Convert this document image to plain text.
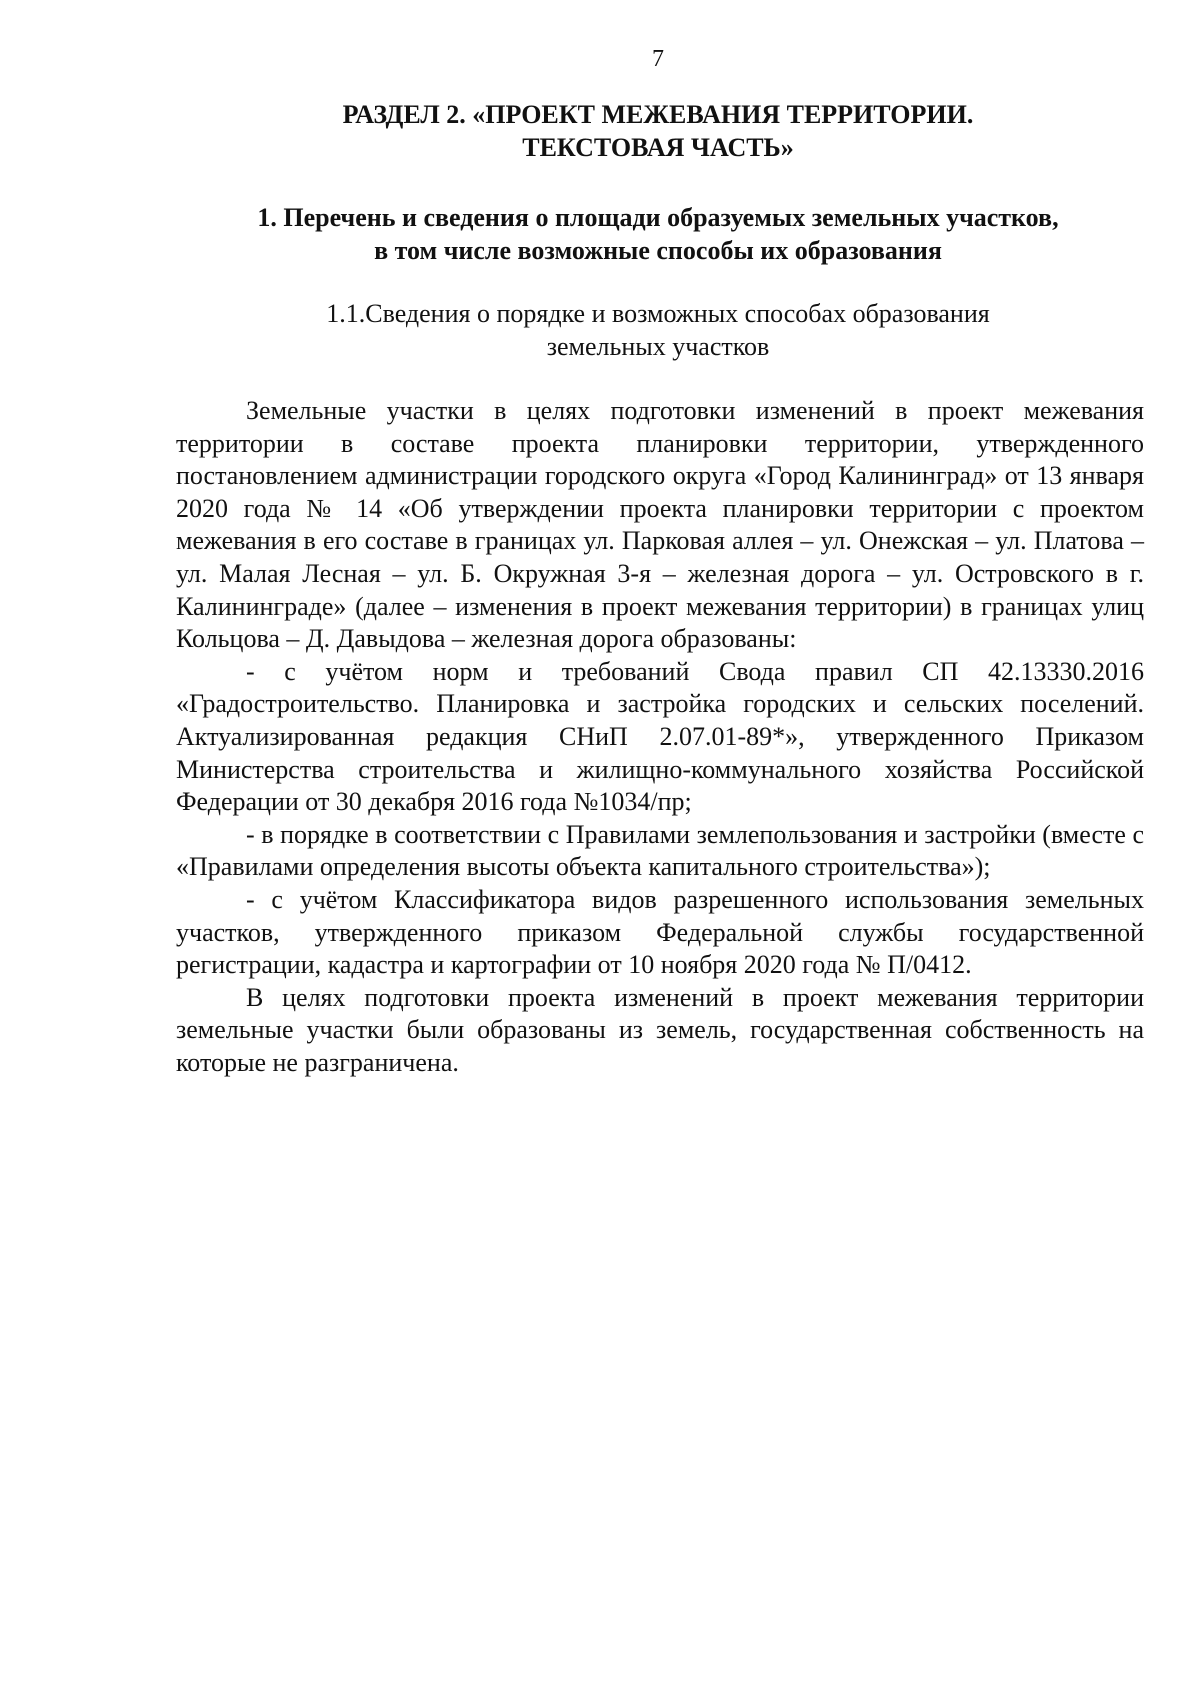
7
РАЗДЕЛ 2. «ПРОЕКТ МЕЖЕВАНИЯ ТЕРРИТОРИИ.
ТЕКСТОВАЯ ЧАСТЬ»
1. Перечень и сведения о площади образуемых земельных участков,
в том числе возможные способы их образования
1.1.Сведения о порядке и возможных способах образования
земельных участков

Земельные участки в целях подготовки изменений в проект межевания территории в составе проекта планировки территории, утвержденного постановлением администрации городского округа «Город Калининград» от 13 января 2020 года № 14 «Об утверждении проекта планировки территории с проектом межевания в его составе в границах ул. Парковая аллея – ул. Онежская – ул. Платова – ул. Малая Лесная – ул. Б. Окружная 3-я – железная дорога – ул. Островского в г. Калининграде» (далее – изменения в проект межевания территории) в границах улиц Кольцова – Д. Давыдова – железная дорога образованы:

- с учётом норм и требований Свода правил СП 42.13330.2016 «Градостроительство. Планировка и застройка городских и сельских поселений. Актуализированная редакция СНиП 2.07.01-89*», утвержденного Приказом Министерства строительства и жилищно-коммунального хозяйства Российской Федерации от 30 декабря 2016 года №1034/пр;

- в порядке в соответствии с Правилами землепользования и застройки (вместе с «Правилами определения высоты объекта капитального строительства»);

- с учётом Классификатора видов разрешенного использования земельных участков, утвержденного приказом Федеральной службы государственной регистрации, кадастра и картографии от 10 ноября 2020 года № П/0412.

В целях подготовки проекта изменений в проект межевания территории земельные участки были образованы из земель, государственная собственность на которые не разграничена.
